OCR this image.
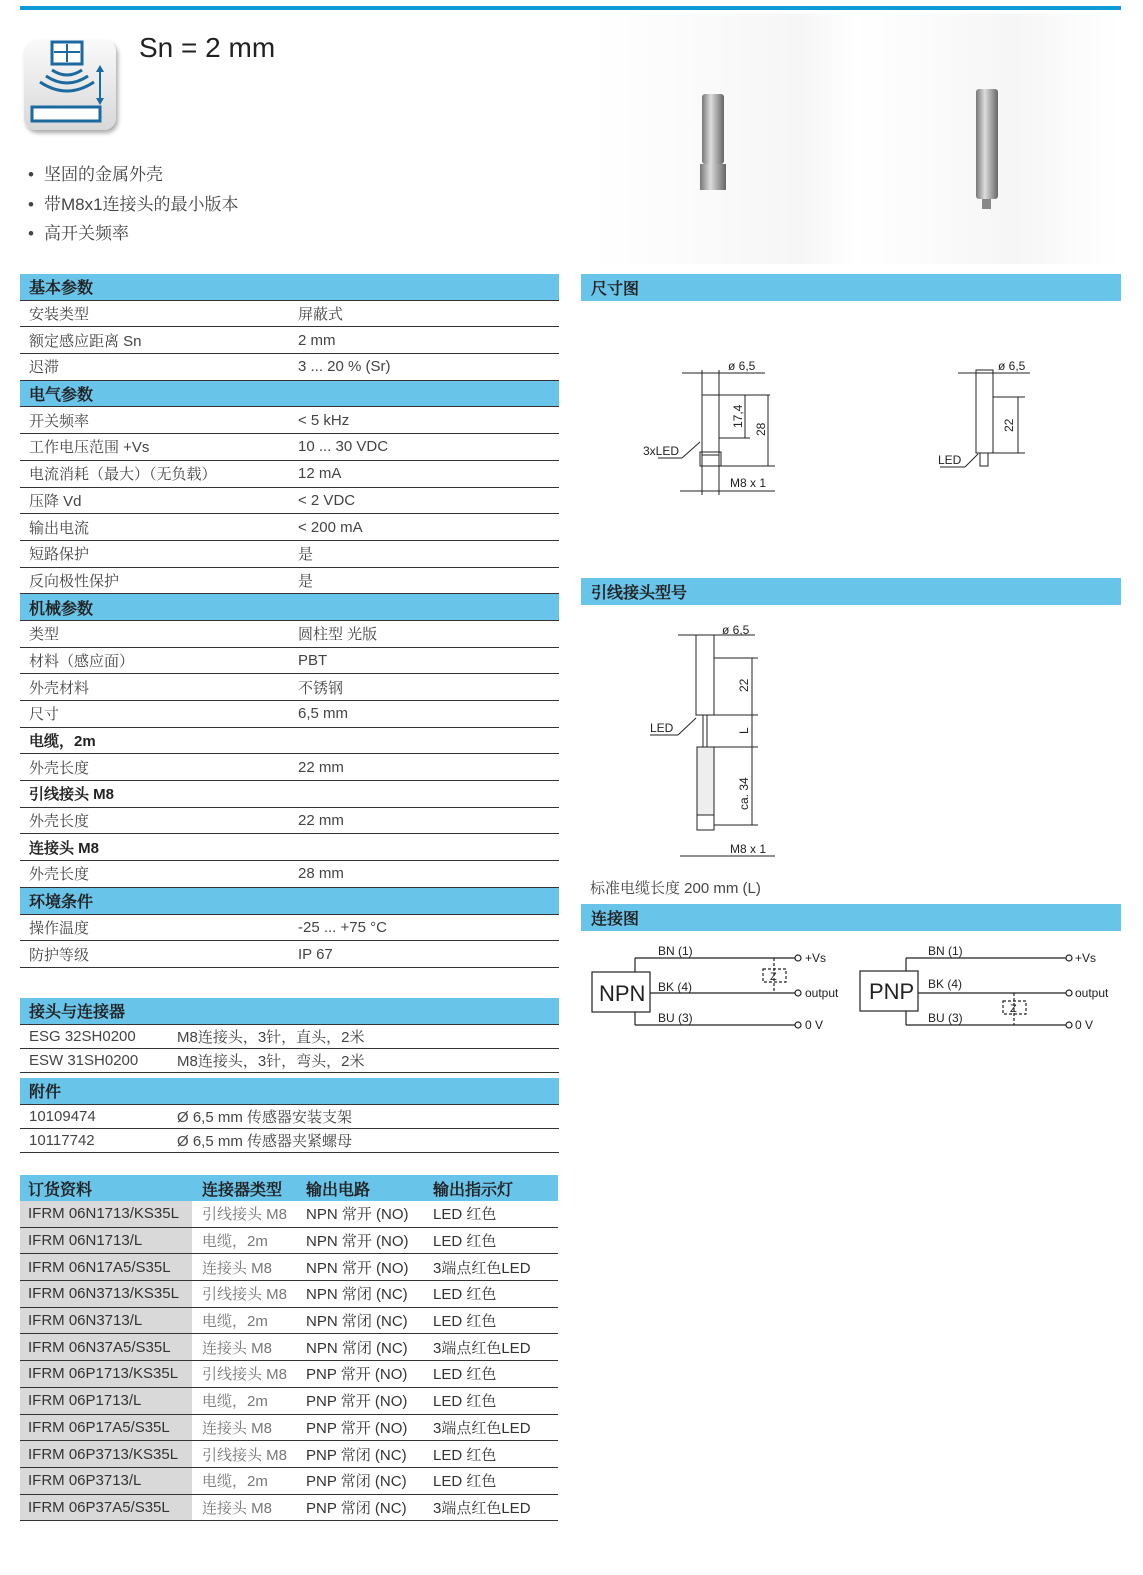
Sn = 2 mm
• 坚固的金属外壳
• 带M8x1连接头的最小版本
• 高开关频率
基本参数
安装类型	屏蔽式
额定感应距离 Sn	2 mm
迟滞	3 ... 20 % (Sr)
电气参数
开关频率	< 5 kHz
工作电压范围 +Vs	10 ... 30 VDC
电流消耗（最大）（无负载）	12 mA
压降 Vd	< 2 VDC
输出电流	< 200 mA
短路保护	是
反向极性保护	是
机械参数
类型	圆柱型 光版
材料（感应面）	PBT
外壳材料	不锈钢
尺寸	6,5 mm
电缆，2m
外壳长度	22 mm
引线接头 M8
外壳长度	22 mm
连接头 M8
外壳长度	28 mm
环境条件
操作温度	-25 ... +75 °C
防护等级	IP 67
接头与连接器
ESG 32SH0200	M8连接头，3针，直头，2米
ESW 31SH0200	M8连接头，3针，弯头，2米
附件
10109474	Ø 6,5 mm 传感器安装支架
10117742	Ø 6,5 mm 传感器夹紧螺母
订货资料	连接器类型	输出电路	输出指示灯
IFRM 06N1713/KS35L	引线接头 M8	NPN 常开 (NO)	LED 红色
IFRM 06N1713/L	电缆，2m	NPN 常开 (NO)	LED 红色
IFRM 06N17A5/S35L	连接头 M8	NPN 常开 (NO)	3端点红色LED
IFRM 06N3713/KS35L	引线接头 M8	NPN 常闭 (NC)	LED 红色
IFRM 06N3713/L	电缆，2m	NPN 常闭 (NC)	LED 红色
IFRM 06N37A5/S35L	连接头 M8	NPN 常闭 (NC)	3端点红色LED
IFRM 06P1713/KS35L	引线接头 M8	PNP 常开 (NO)	LED 红色
IFRM 06P1713/L	电缆，2m	PNP 常开 (NO)	LED 红色
IFRM 06P17A5/S35L	连接头 M8	PNP 常开 (NO)	3端点红色LED
IFRM 06P3713/KS35L	引线接头 M8	PNP 常闭 (NC)	LED 红色
IFRM 06P3713/L	电缆，2m	PNP 常闭 (NC)	LED 红色
IFRM 06P37A5/S35L	连接头 M8	PNP 常闭 (NC)	3端点红色LED
尺寸图
ø 6,5
17,4
28
3xLED
M8 x 1
ø 6,5
22
LED
引线接头型号
ø 6,5
22
L
ca. 34
LED
M8 x 1
标准电缆长度 200 mm (L)
连接图
NPN
BN (1)
BK (4)
BU (3)
Z
+Vs
output
0 V
PNP
BN (1)
BK (4)
BU (3)
Z
+Vs
output
0 V
